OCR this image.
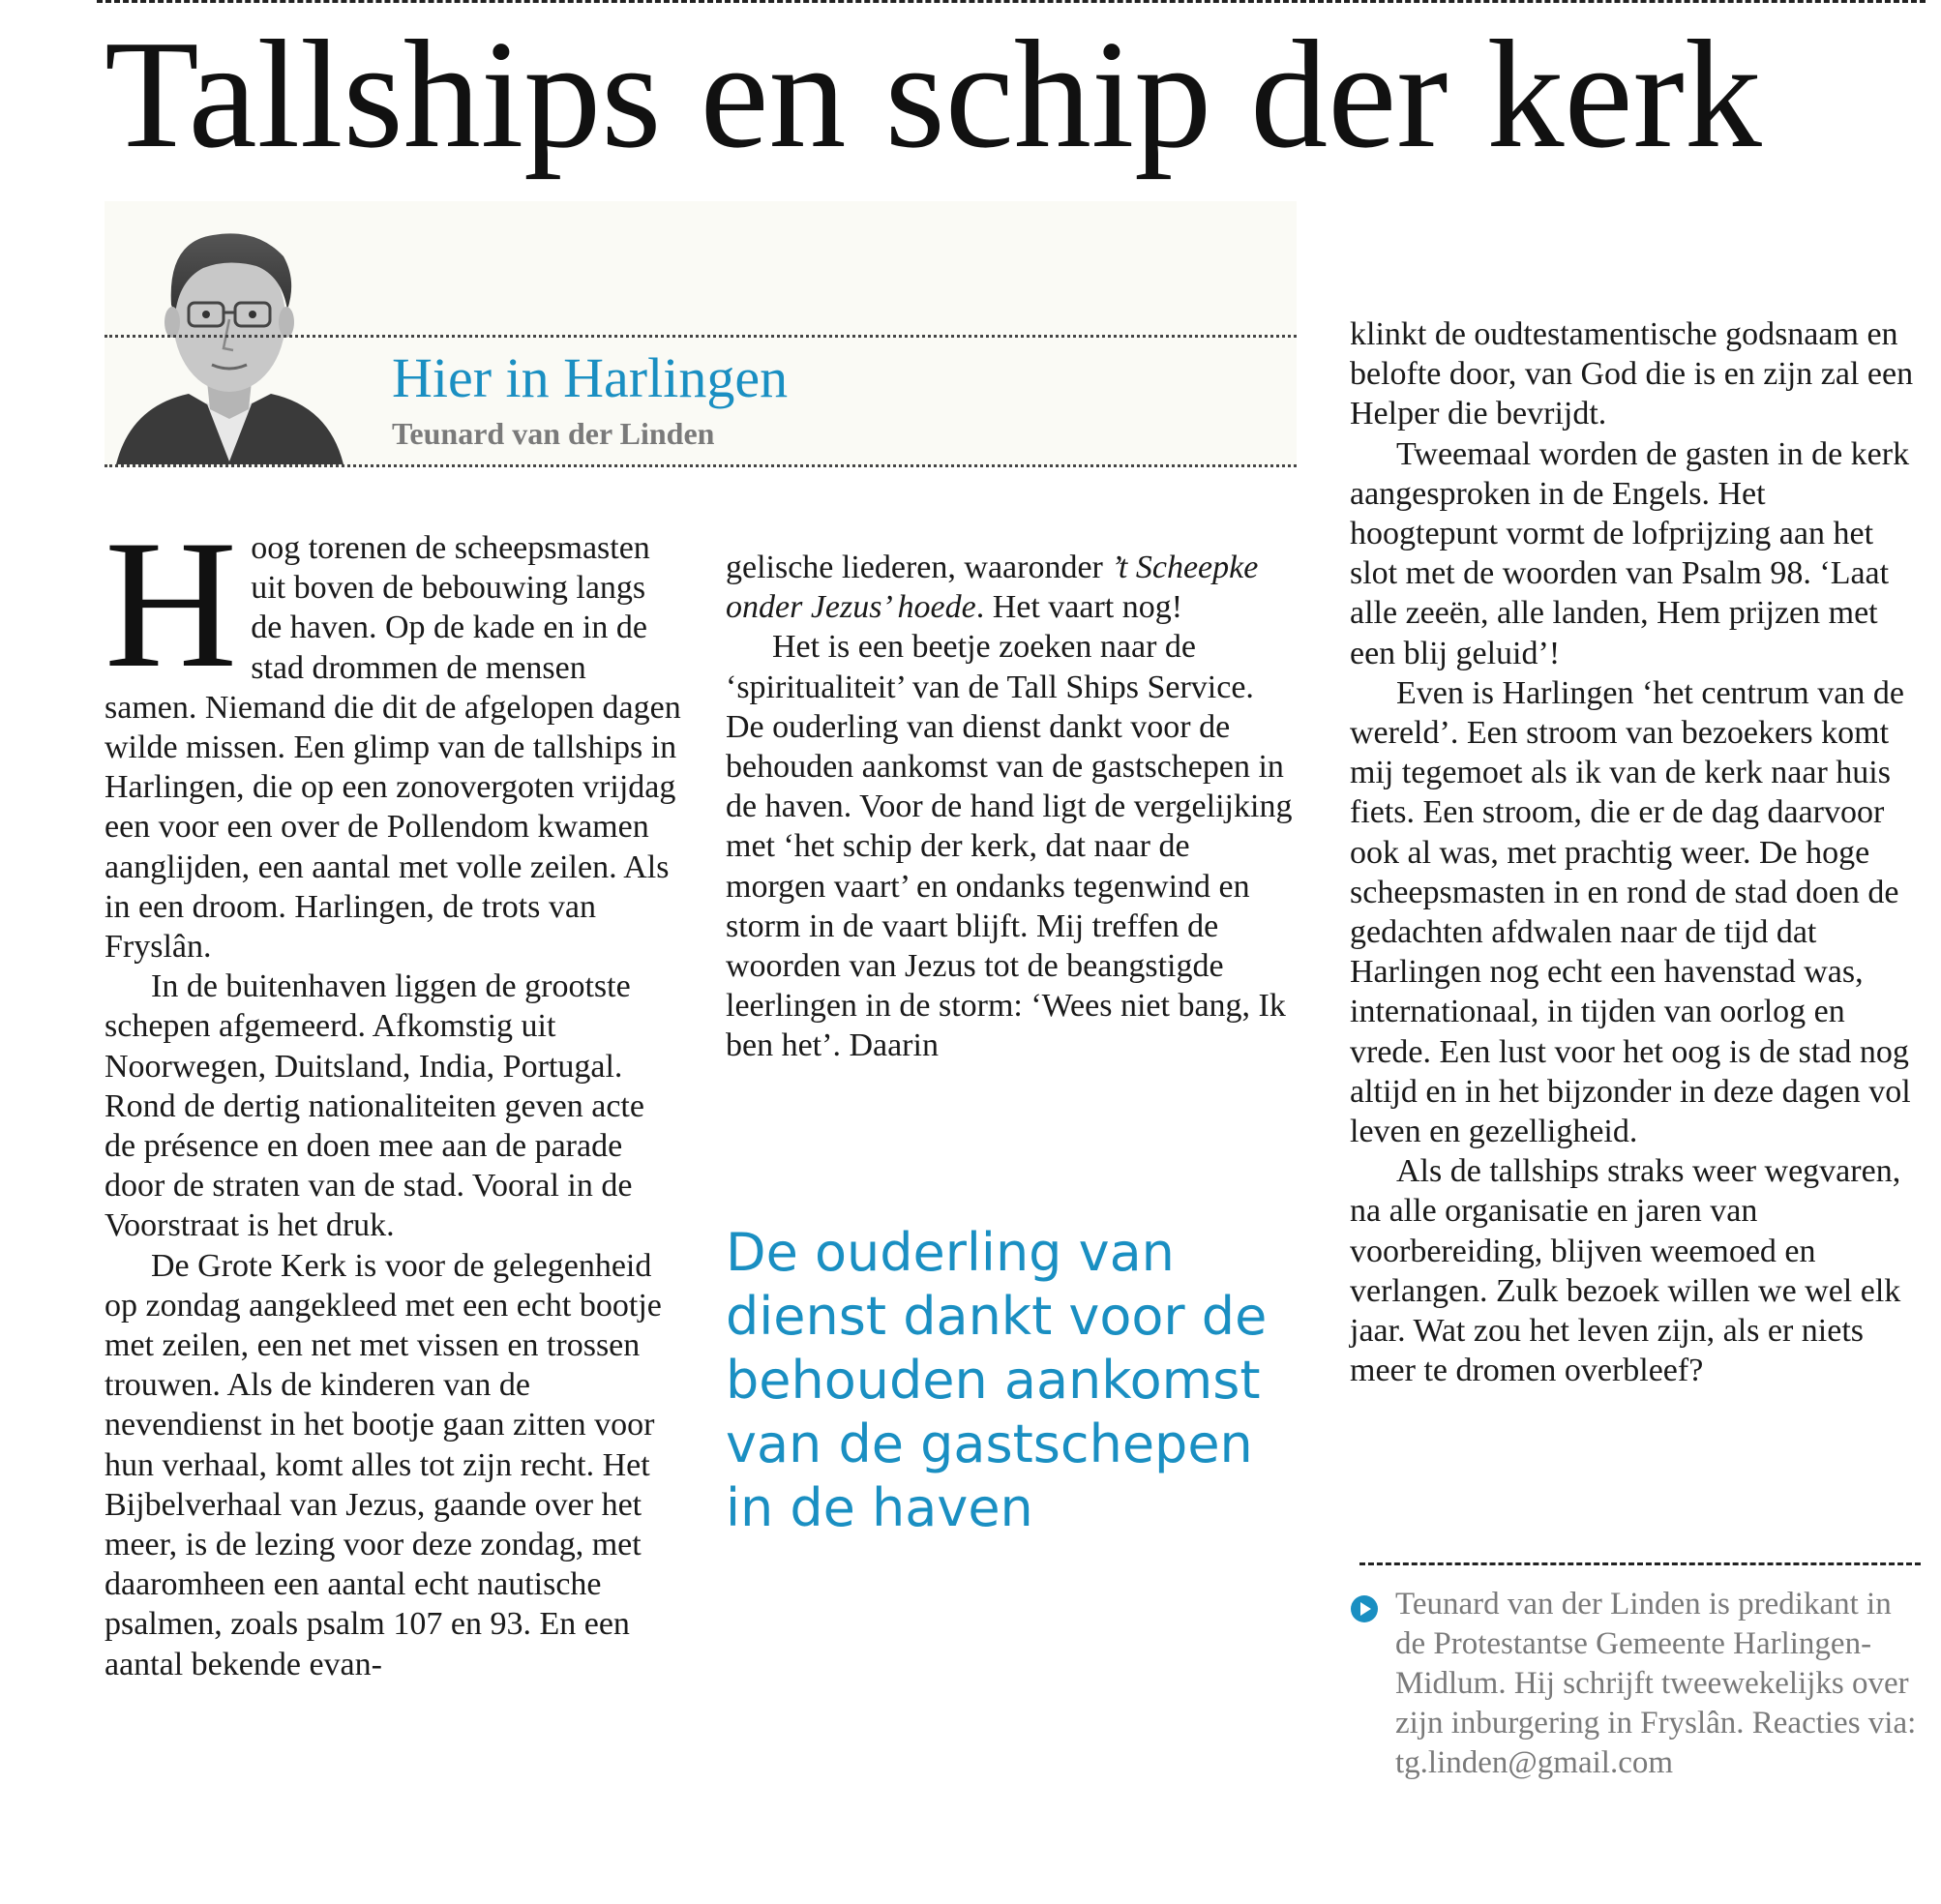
Tallships en schip der kerk
Hier in Harlingen
Teunard van der Linden

Hoog torenen de scheepsmasten uit boven de bebouwing langs de haven. Op de kade en in de stad drommen de mensen samen. Niemand die dit de afgelopen dagen wilde missen. Een glimp van de tallships in Harlingen, die op een zonovergoten vrijdag een voor een over de Pollendom kwamen aanglijden, een aantal met volle zeilen. Als in een droom. Harlingen, de trots van Fryslân.

In de buitenhaven liggen de grootste schepen afgemeerd. Afkomstig uit Noorwegen, Duitsland, India, Portugal. Rond de dertig nationaliteiten geven acte de présence en doen mee aan de parade door de straten van de stad. Vooral in de Voorstraat is het druk.

De Grote Kerk is voor de gelegenheid op zondag aangekleed met een echt bootje met zeilen, een net met vissen en trossen trouwen. Als de kinderen van de nevendienst in het bootje gaan zitten voor hun verhaal, komt alles tot zijn recht. Het Bijbelverhaal van Jezus, gaande over het meer, is de lezing voor deze zondag, met daaromheen een aantal echt nautische psalmen, zoals psalm 107 en 93. En een aantal bekende evan-

gelische liederen, waaronder ’t Scheepke onder Jezus’ hoede. Het vaart nog!

Het is een beetje zoeken naar de ‘spiritualiteit’ van de Tall Ships Service. De ouderling van dienst dankt voor de behouden aankomst van de gastschepen in de haven. Voor de hand ligt de vergelijking met ‘het schip der kerk, dat naar de morgen vaart’ en ondanks tegenwind en storm in de vaart blijft. Mij treffen de woorden van Jezus tot de beangstigde leerlingen in de storm: ‘Wees niet bang, Ik ben het’. Daarin

De ouderling van dienst dankt voor de behouden aankomst van de gastschepen in de haven

klinkt de oudtestamentische godsnaam en belofte door, van God die is en zijn zal een Helper die bevrijdt.

Tweemaal worden de gasten in de kerk aangesproken in de Engels. Het hoogtepunt vormt de lofprijzing aan het slot met de woorden van Psalm 98. ‘Laat alle zeeën, alle landen, Hem prijzen met een blij geluid’!

Even is Harlingen ‘het centrum van de wereld’. Een stroom van bezoekers komt mij tegemoet als ik van de kerk naar huis fiets. Een stroom, die er de dag daarvoor ook al was, met prachtig weer. De hoge scheepsmasten in en rond de stad doen de gedachten afdwalen naar de tijd dat Harlingen nog echt een havenstad was, internationaal, in tijden van oorlog en vrede. Een lust voor het oog is de stad nog altijd en in het bijzonder in deze dagen vol leven en gezelligheid.

Als de tallships straks weer wegvaren, na alle organisatie en jaren van voorbereiding, blijven weemoed en verlangen. Zulk bezoek willen we wel elk jaar. Wat zou het leven zijn, als er niets meer te dromen overbleef?

Teunard van der Linden is predikant in de Protestantse Gemeente Harlingen-Midlum. Hij schrijft tweewekelijks over zijn inburgering in Fryslân. Reacties via: tg.linden@gmail.com
